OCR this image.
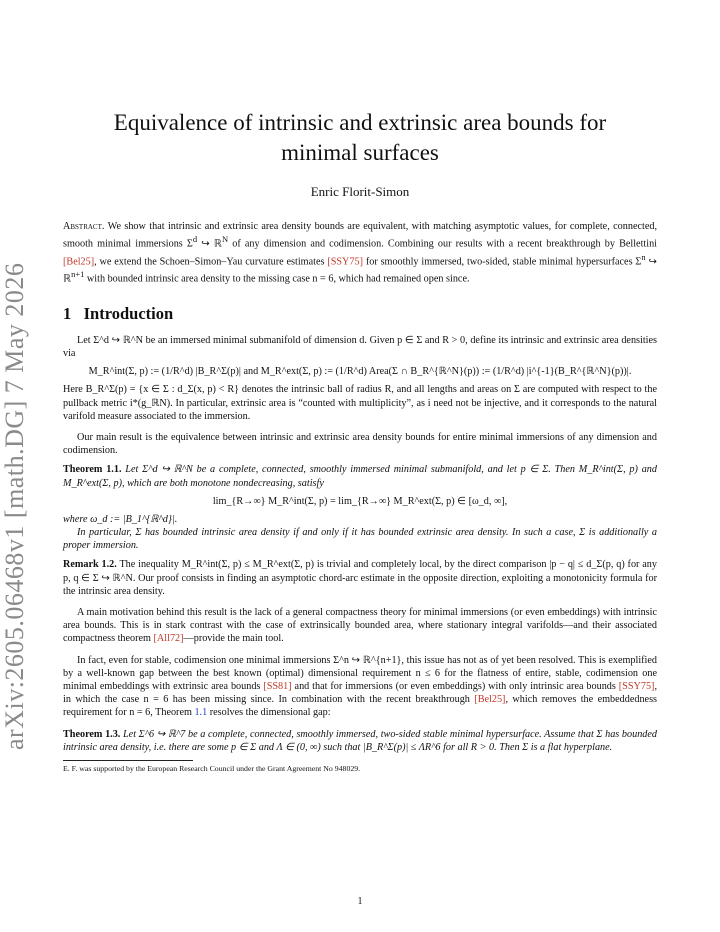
arXiv:2605.06468v1 [math.DG] 7 May 2026
Equivalence of intrinsic and extrinsic area bounds for
minimal surfaces
Enric Florit-Simon

Abstract. We show that intrinsic and extrinsic area density bounds are equivalent, with matching asymptotic values, for complete, connected, smooth minimal immersions $\Sigma^d$ ↪ ℝ$^N$ of any dimension and codimension. Combining our results with a recent breakthrough by Bellettini [Bel25], we extend the Schoen–Simon–Yau curvature estimates [SSY75] for smoothly immersed, two-sided, stable minimal hypersurfaces $\Sigma^n$ ↪ ℝ$^{n+1}$ with bounded intrinsic area density to the missing case n = 6, which had remained open since.

1 Introduction

Let Σ^d ↪ ℝ^N be an immersed minimal submanifold of dimension d. Given p ∈ Σ and R > 0, define its intrinsic and extrinsic area densities via

M_R^int(Σ, p) := (1/R^d) |B_R^Σ(p)| and M_R^ext(Σ, p) := (1/R^d) Area(Σ ∩ B_R^{ℝ^N}(p)) := (1/R^d) |i^{-1}(B_R^{ℝ^N}(p))|.

Here B_R^Σ(p) = {x ∈ Σ : d_Σ(x, p) < R} denotes the intrinsic ball of radius R, and all lengths and areas on Σ are computed with respect to the pullback metric i*(g_ℝN). In particular, extrinsic area is “counted with multiplicity”, as i need not be injective, and it corresponds to the natural varifold measure associated to the immersion.

Our main result is the equivalence between intrinsic and extrinsic area density bounds for entire minimal immersions of any dimension and codimension.

Theorem 1.1. Let Σ^d ↪ ℝ^N be a complete, connected, smoothly immersed minimal submanifold, and let p ∈ Σ. Then M_R^int(Σ, p) and M_R^ext(Σ, p), which are both monotone nondecreasing, satisfy

lim_{R→∞} M_R^int(Σ, p) = lim_{R→∞} M_R^ext(Σ, p) ∈ [ω_d, ∞],

where ω_d := |B_1^{ℝ^d}|.

In particular, Σ has bounded intrinsic area density if and only if it has bounded extrinsic area density. In such a case, Σ is additionally a proper immersion.

Remark 1.2. The inequality M_R^int(Σ, p) ≤ M_R^ext(Σ, p) is trivial and completely local, by the direct comparison |p − q| ≤ d_Σ(p, q) for any p, q ∈ Σ ↪ ℝ^N. Our proof consists in finding an asymptotic chord-arc estimate in the opposite direction, exploiting a monotonicity formula for the intrinsic area density.

A main motivation behind this result is the lack of a general compactness theory for minimal immersions (or even embeddings) with intrinsic area bounds. This is in stark contrast with the case of extrinsically bounded area, where stationary integral varifolds—and their associated compactness theorem [All72]—provide the main tool.

In fact, even for stable, codimension one minimal immersions Σ^n ↪ ℝ^{n+1}, this issue has not as of yet been resolved. This is exemplified by a well-known gap between the best known (optimal) dimensional requirement n ≤ 6 for the flatness of entire, stable, codimension one minimal embeddings with extrinsic area bounds [SS81] and that for immersions (or even embeddings) with only intrinsic area bounds [SSY75], in which the case n = 6 has been missing since. In combination with the recent breakthrough [Bel25], which removes the embeddedness requirement for n = 6, Theorem 1.1 resolves the dimensional gap:

Theorem 1.3. Let Σ^6 ↪ ℝ^7 be a complete, connected, smoothly immersed, two-sided stable minimal hypersurface. Assume that Σ has bounded intrinsic area density, i.e. there are some p ∈ Σ and Λ ∈ (0, ∞) such that |B_R^Σ(p)| ≤ ΛR^6 for all R > 0. Then Σ is a flat hyperplane.

E. F. was supported by the European Research Council under the Grant Agreement No 948029.
1
